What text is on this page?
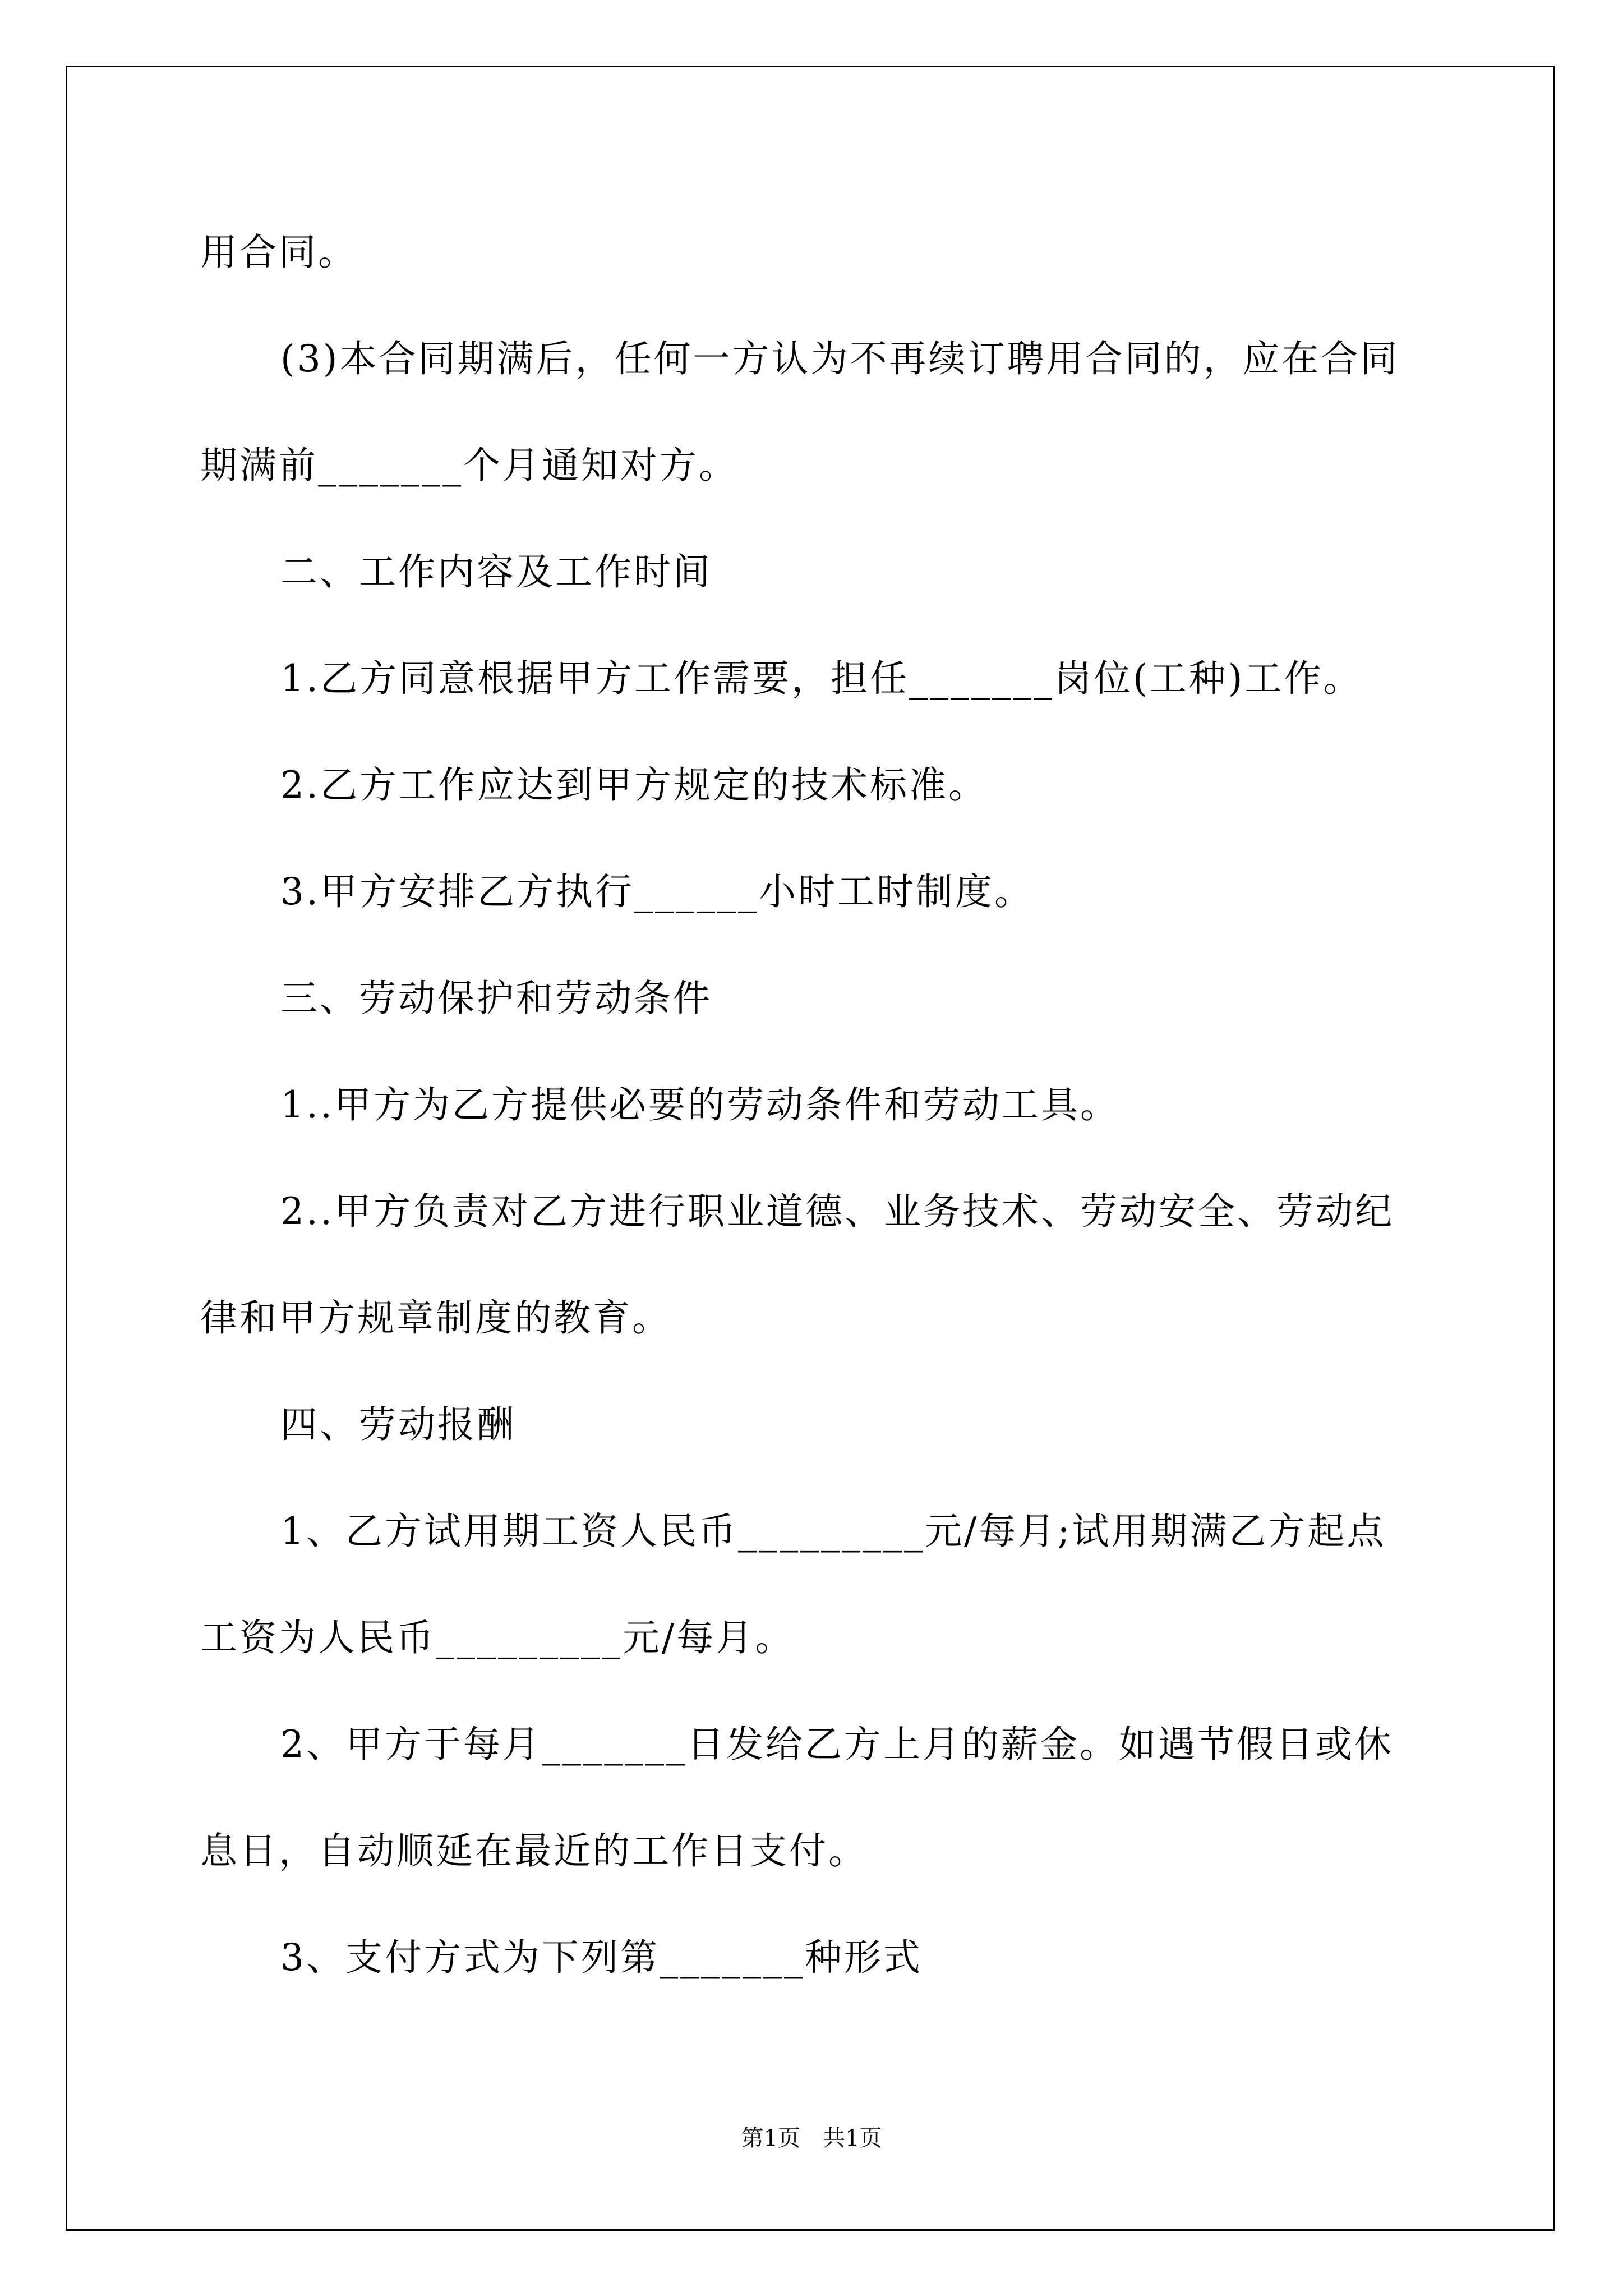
用合同。
(3)本合同期满后，任何一方认为不再续订聘用合同的，应在合同
期满前_______个月通知对方。
二、工作内容及工作时间
1.乙方同意根据甲方工作需要，担任_______岗位(工种)工作。
2.乙方工作应达到甲方规定的技术标准。
3.甲方安排乙方执行______小时工时制度。
三、劳动保护和劳动条件
1..甲方为乙方提供必要的劳动条件和劳动工具。
2..甲方负责对乙方进行职业道德、业务技术、劳动安全、劳动纪
律和甲方规章制度的教育。
四、劳动报酬
1、乙方试用期工资人民币_________元/每月;试用期满乙方起点
工资为人民币_________元/每月。
2、甲方于每月_______日发给乙方上月的薪金。如遇节假日或休
息日，自动顺延在最近的工作日支付。
3、支付方式为下列第_______种形式
第1页　共1页
